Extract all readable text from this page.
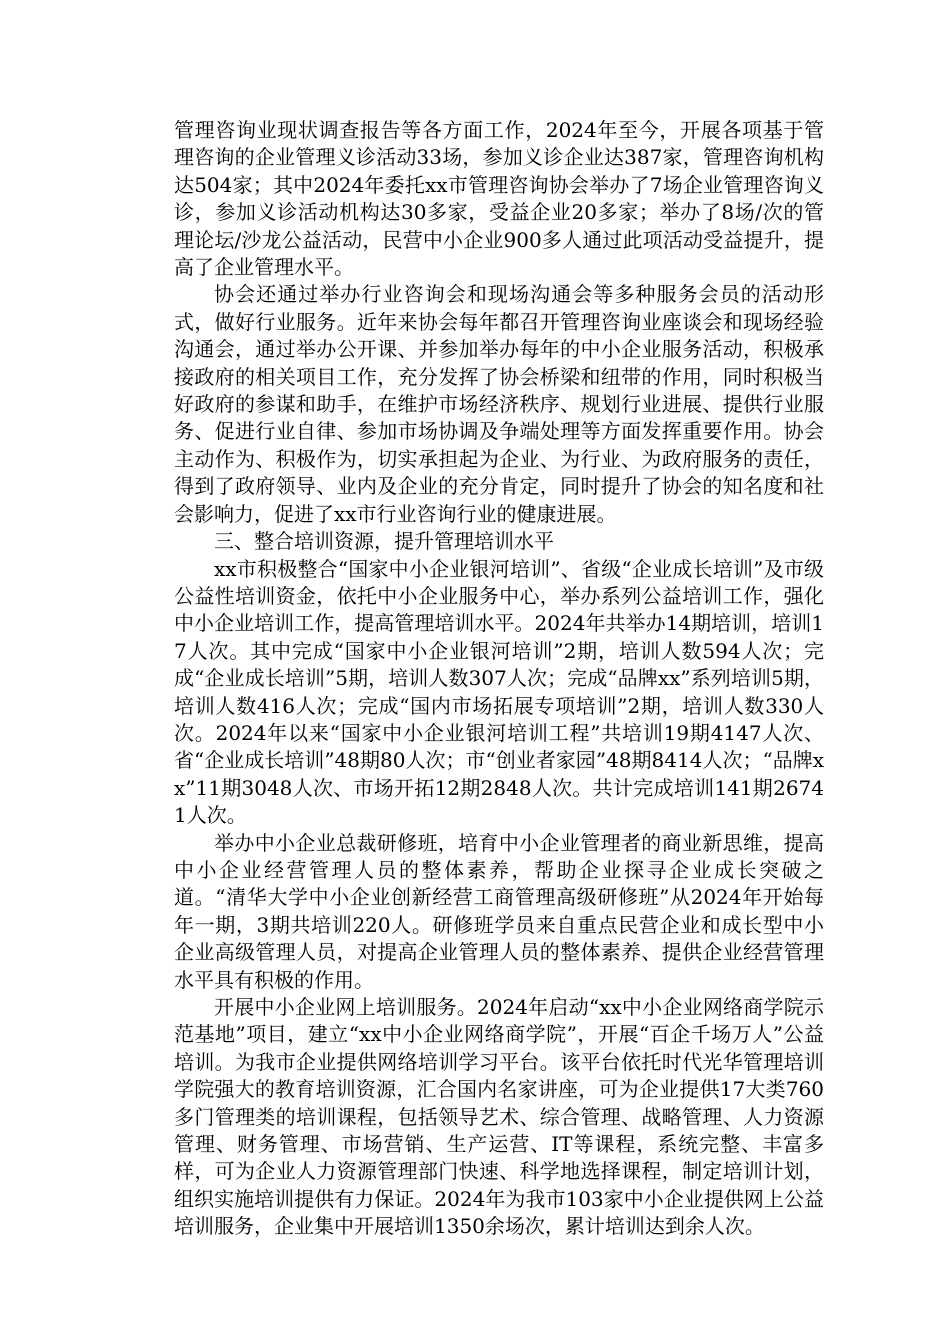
管理咨询业现状调查报告等各方面工作，2024年至今，开展各项基于管理咨询的企业管理义诊活动33场，参加义诊企业达387家，管理咨询机构达504家；其中2024年委托xx市管理咨询协会举办了7场企业管理咨询义诊，参加义诊活动机构达30多家，受益企业20多家；举办了8场/次的管理论坛/沙龙公益活动，民营中小企业900多人通过此项活动受益提升，提高了企业管理水平。

协会还通过举办行业咨询会和现场沟通会等多种服务会员的活动形式，做好行业服务。近年来协会每年都召开管理咨询业座谈会和现场经验沟通会，通过举办公开课、并参加举办每年的中小企业服务活动，积极承接政府的相关项目工作，充分发挥了协会桥梁和纽带的作用，同时积极当好政府的参谋和助手，在维护市场经济秩序、规划行业进展、提供行业服务、促进行业自律、参加市场协调及争端处理等方面发挥重要作用。协会主动作为、积极作为，切实承担起为企业、为行业、为政府服务的责任，得到了政府领导、业内及企业的充分肯定，同时提升了协会的知名度和社会影响力，促进了xx市行业咨询行业的健康进展。

三、整合培训资源，提升管理培训水平

xx市积极整合“国家中小企业银河培训”、省级“企业成长培训”及市级公益性培训资金，依托中小企业服务中心，举办系列公益培训工作，强化中小企业培训工作，提高管理培训水平。2024年共举办14期培训，培训17人次。其中完成“国家中小企业银河培训”2期，培训人数594人次；完成“企业成长培训”5期，培训人数307人次；完成“品牌xx”系列培训5期，培训人数416人次；完成“国内市场拓展专项培训”2期，培训人数330人次。2024年以来“国家中小企业银河培训工程”共培训19期4147人次、省“企业成长培训”48期80人次；市“创业者家园”48期8414人次；“品牌xx”11期3048人次、市场开拓12期2848人次。共计完成培训141期26741人次。

举办中小企业总裁研修班，培育中小企业管理者的商业新思维，提高中小企业经营管理人员的整体素养，帮助企业探寻企业成长突破之道。“清华大学中小企业创新经营工商管理高级研修班”从2024年开始每年一期，3期共培训220人。研修班学员来自重点民营企业和成长型中小企业高级管理人员，对提高企业管理人员的整体素养、提供企业经营管理水平具有积极的作用。

开展中小企业网上培训服务。2024年启动“xx中小企业网络商学院示范基地”项目，建立“xx中小企业网络商学院”，开展“百企千场万人”公益培训。为我市企业提供网络培训学习平台。该平台依托时代光华管理培训学院强大的教育培训资源，汇合国内名家讲座，可为企业提供17大类760多门管理类的培训课程，包括领导艺术、综合管理、战略管理、人力资源管理、财务管理、市场营销、生产运营、IT等课程，系统完整、丰富多样，可为企业人力资源管理部门快速、科学地选择课程，制定培训计划，组织实施培训提供有力保证。2024年为我市103家中小企业提供网上公益培训服务，企业集中开展培训1350余场次，累计培训达到余人次。
